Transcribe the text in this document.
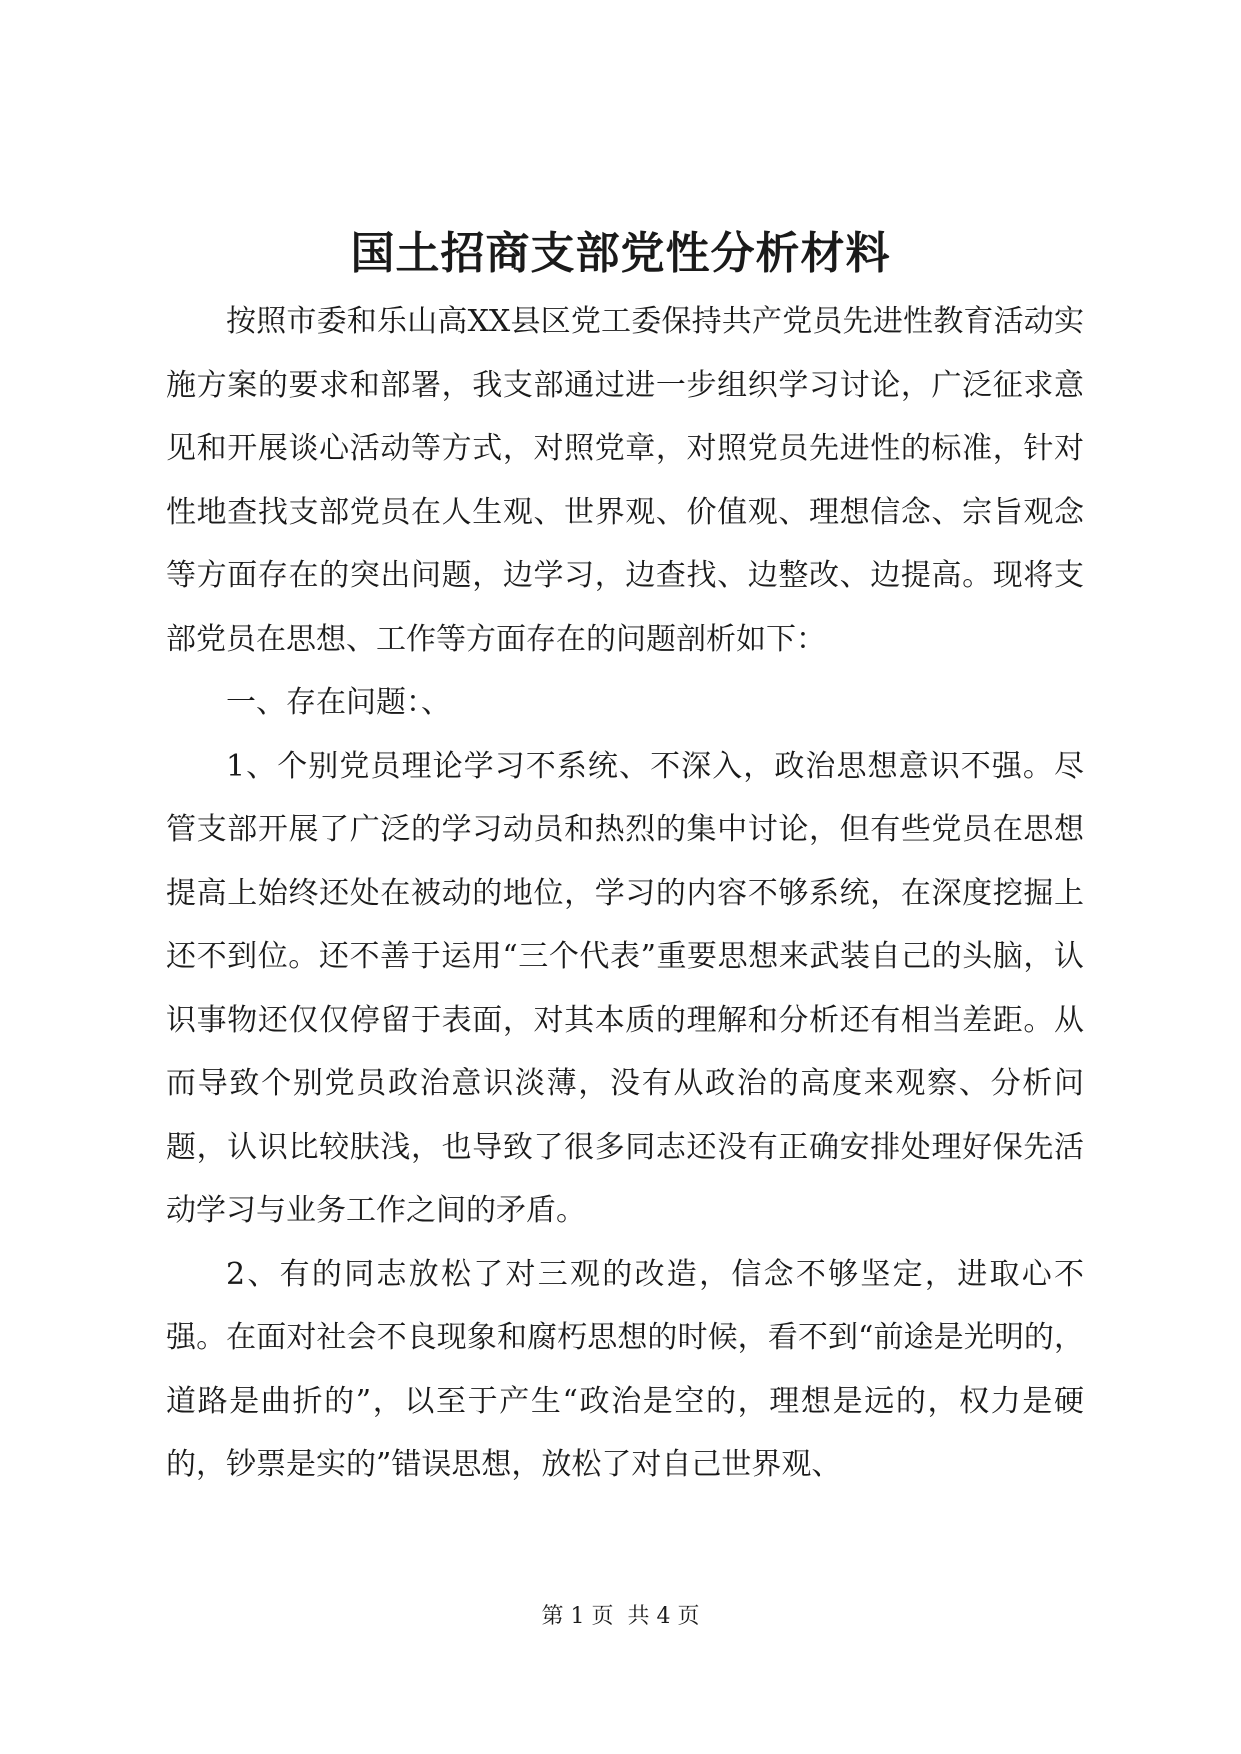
国土招商支部党性分析材料

按照市委和乐山高XX县区党工委保持共产党员先进性教育活动实施方案的要求和部署，我支部通过进一步组织学习讨论，广泛征求意见和开展谈心活动等方式，对照党章，对照党员先进性的标准，针对性地查找支部党员在人生观、世界观、价值观、理想信念、宗旨观念等方面存在的突出问题，边学习，边查找、边整改、边提高。现将支部党员在思想、工作等方面存在的问题剖析如下：

一、存在问题：、

1、个别党员理论学习不系统、不深入，政治思想意识不强。尽管支部开展了广泛的学习动员和热烈的集中讨论，但有些党员在思想提高上始终还处在被动的地位，学习的内容不够系统，在深度挖掘上还不到位。还不善于运用“三个代表”重要思想来武装自己的头脑，认识事物还仅仅停留于表面，对其本质的理解和分析还有相当差距。从而导致个别党员政治意识淡薄，没有从政治的高度来观察、分析问题，认识比较肤浅，也导致了很多同志还没有正确安排处理好保先活动学习与业务工作之间的矛盾。

2、有的同志放松了对三观的改造，信念不够坚定，进取心不强。在面对社会不良现象和腐朽思想的时候，看不到“前途是光明的，道路是曲折的”，以至于产生“政治是空的，理想是远的，权力是硬的，钞票是实的”错误思想，放松了对自己世界观、

第 1 页  共 4 页
